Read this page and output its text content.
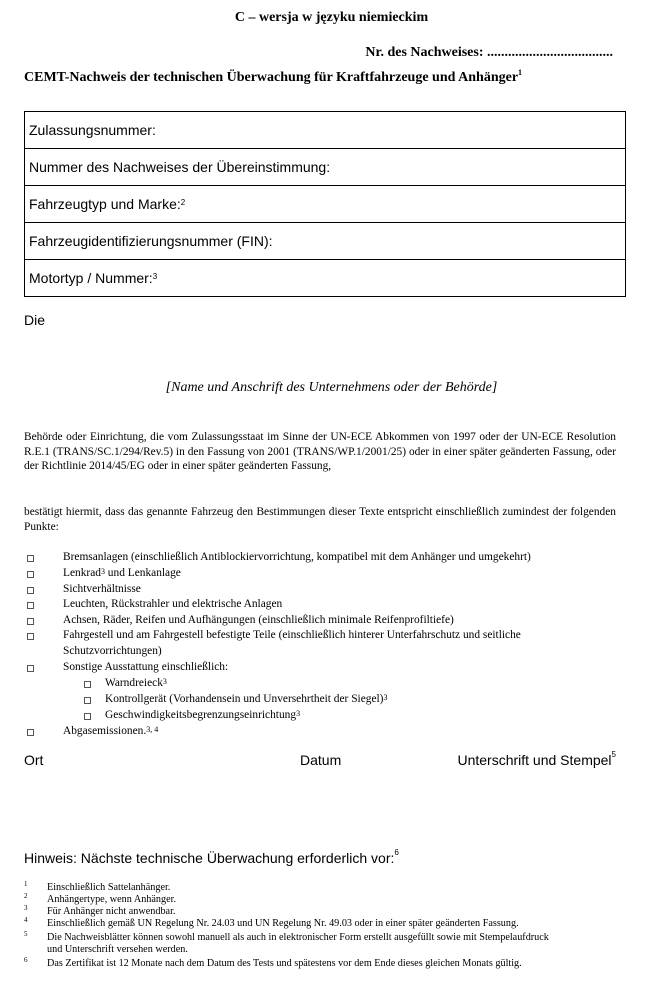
C – wersja w języku niemieckim
Nr. des Nachweises: ....................................
CEMT-Nachweis der technischen Überwachung für Kraftfahrzeuge und Anhänger$^1$
Zulassungsnummer:
Nummer des Nachweises der Übereinstimmung:
Fahrzeugtyp und Marke:$^2$
Fahrzeugidentifizierungsnummer (FIN):
Motortyp / Nummer:$^3$
Die
[Name und Anschrift des Unternehmens oder der Behörde]
Behörde oder Einrichtung, die vom Zulassungsstaat im Sinne der UN-ECE Abkommen von 1997 oder der UN-ECE Resolution R.E.1 (TRANS/SC.1/294/Rev.5) in den Fassung von 2001 (TRANS/WP.1/2001/25) oder in einer später geänderten Fassung, oder der Richtlinie 2014/45/EG oder in einer später geänderten Fassung,
bestätigt hiermit, dass das genannte Fahrzeug den Bestimmungen dieser Texte entspricht einschließlich zumindest der folgenden Punkte:
Bremsanlagen (einschließlich Antiblockiervorrichtung, kompatibel mit dem Anhänger und umgekehrt)
Lenkrad$^3$ und Lenkanlage
Sichtverhältnisse
Leuchten, Rückstrahler und elektrische Anlagen
Achsen, Räder, Reifen und Aufhängungen (einschließlich minimale Reifenprofiltiefe)
Fahrgestell und am Fahrgestell befestigte Teile (einschließlich hinterer Unterfahrschutz und seitliche
Schutzvorrichtungen)
Sonstige Ausstattung einschließlich:
Warndreieck$^3$
Kontrollgerät (Vorhandensein und Unversehrtheit der Siegel)$^3$
Geschwindigkeitsbegrenzungseinrichtung$^3$
Abgasemissionen.$^{3, 4}$
Ort	Datum	Unterschrift und Stempel$^5$
Hinweis: Nächste technische Überwachung erforderlich vor:$^6$
1 Einschließlich Sattelanhänger.
2 Anhängertype, wenn Anhänger.
3 Für Anhänger nicht anwendbar.
4 Einschließlich gemäß UN Regelung Nr. 24.03 und UN Regelung Nr. 49.03 oder in einer später geänderten Fassung.
5 Die Nachweisblätter können sowohl manuell als auch in elektronischer Form erstellt ausgefüllt sowie mit Stempelaufdruck
und Unterschrift versehen werden.
6 Das Zertifikat ist 12 Monate nach dem Datum des Tests und spätestens vor dem Ende dieses gleichen Monats gültig.
